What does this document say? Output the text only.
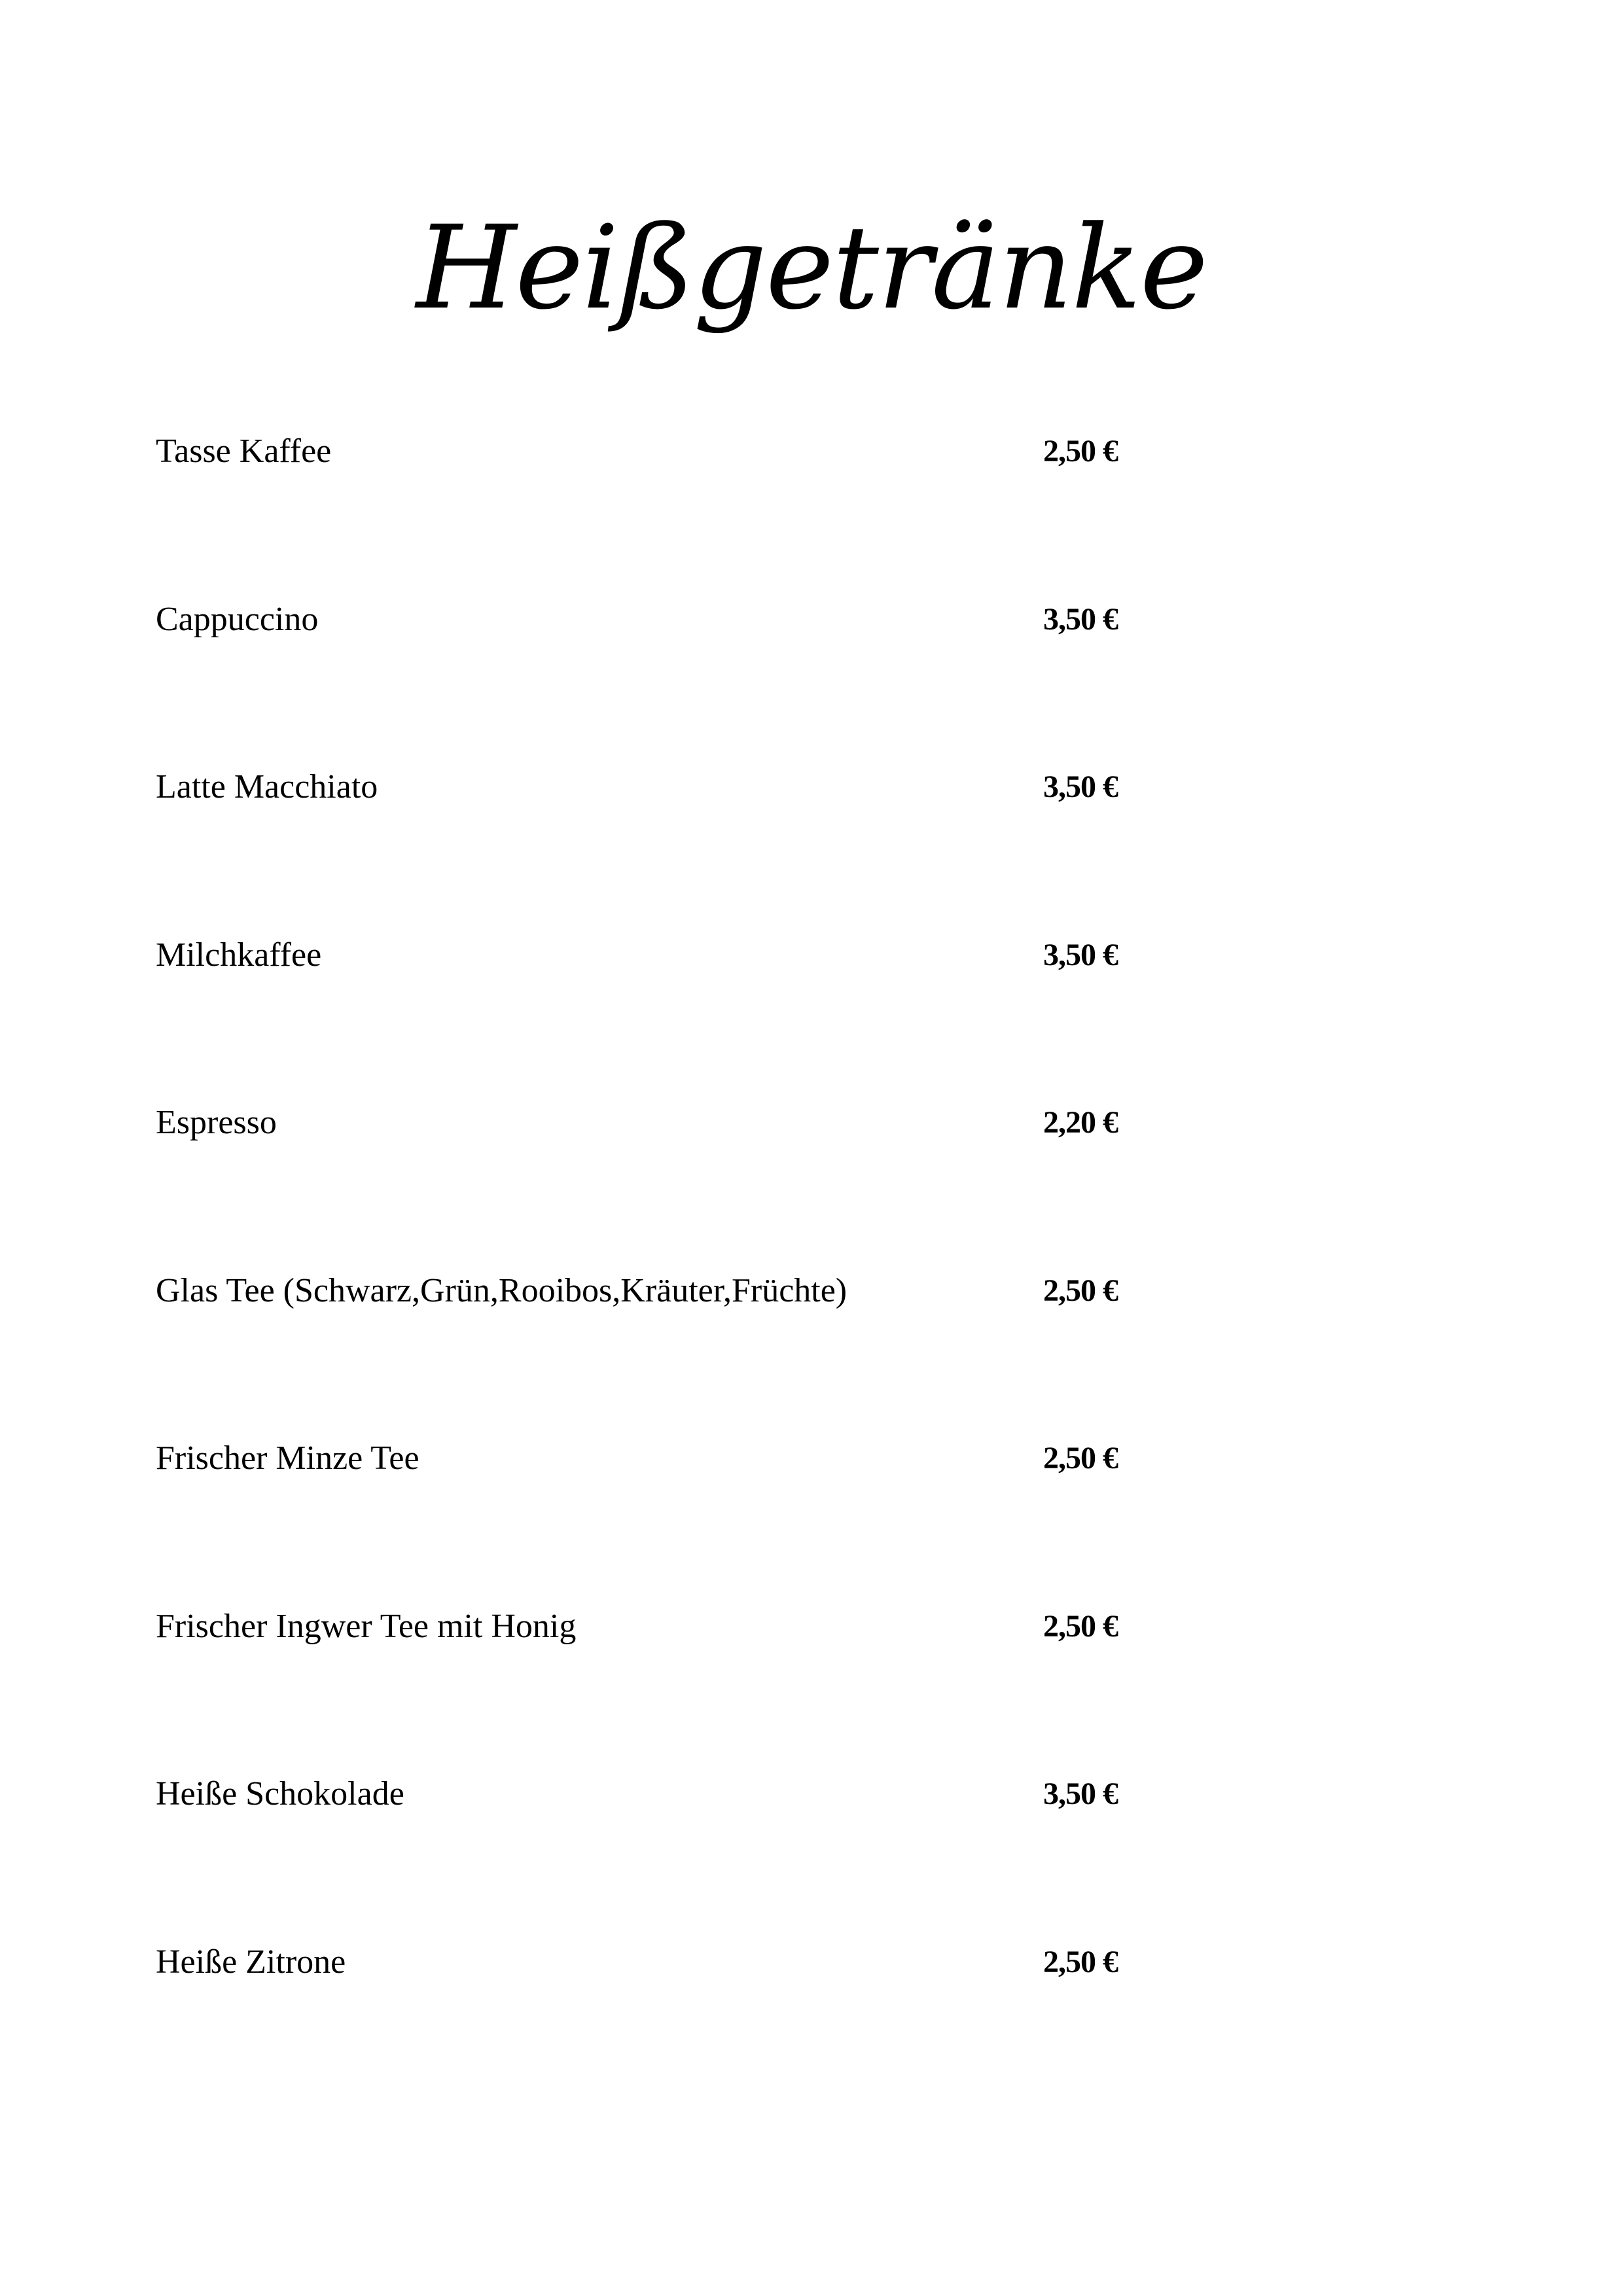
Heißgetränke
Tasse Kaffee	2,50 €
Cappuccino	3,50 €
Latte Macchiato	3,50 €
Milchkaffee	3,50 €
Espresso	2,20 €
Glas Tee (Schwarz,Grün,Rooibos,Kräuter,Früchte)	2,50 €
Frischer Minze Tee	2,50 €
Frischer Ingwer Tee mit Honig	2,50 €
Heiße Schokolade	3,50 €
Heiße Zitrone	2,50 €
